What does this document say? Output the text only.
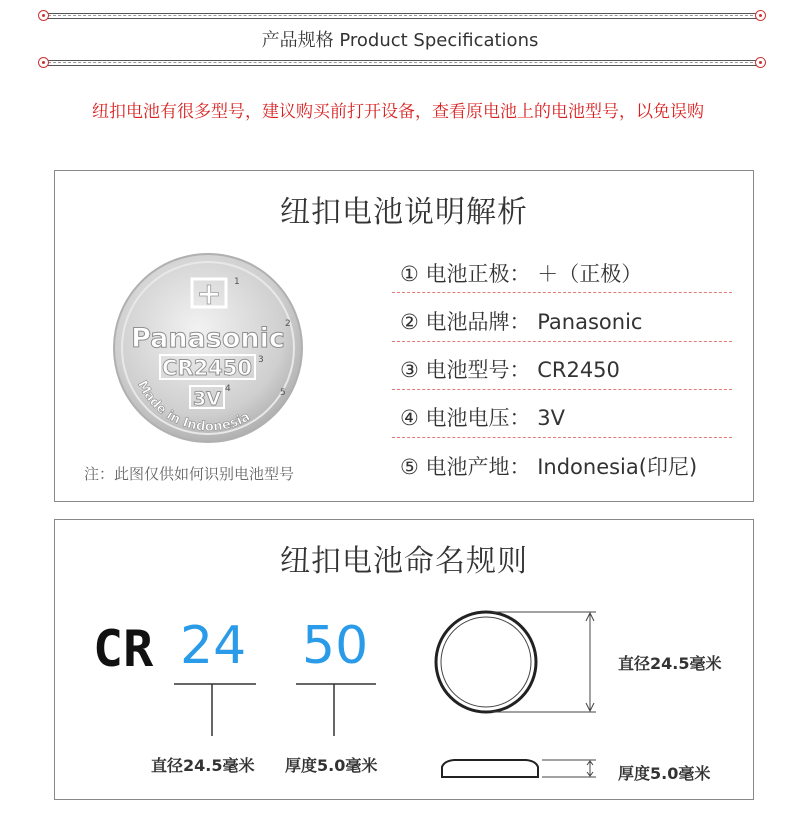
产品规格 Product Specifications
纽扣电池有很多型号，建议购买前打开设备，查看原电池上的电池型号，以免误购
纽扣电池说明解析
+ 1
Panasonic 2
CR2450 3
3V 4
Made in Indonesia
5
① 电池正极： ＋（正极）
② 电池品牌： Panasonic
③ 电池型号： CR2450
④ 电池电压： 3V
⑤ 电池产地： Indonesia(印尼)
注：此图仅供如何识别电池型号
纽扣电池命名规则
CR 24 50
直径24.5毫米 厚度5.0毫米
直径24.5毫米
厚度5.0毫米
